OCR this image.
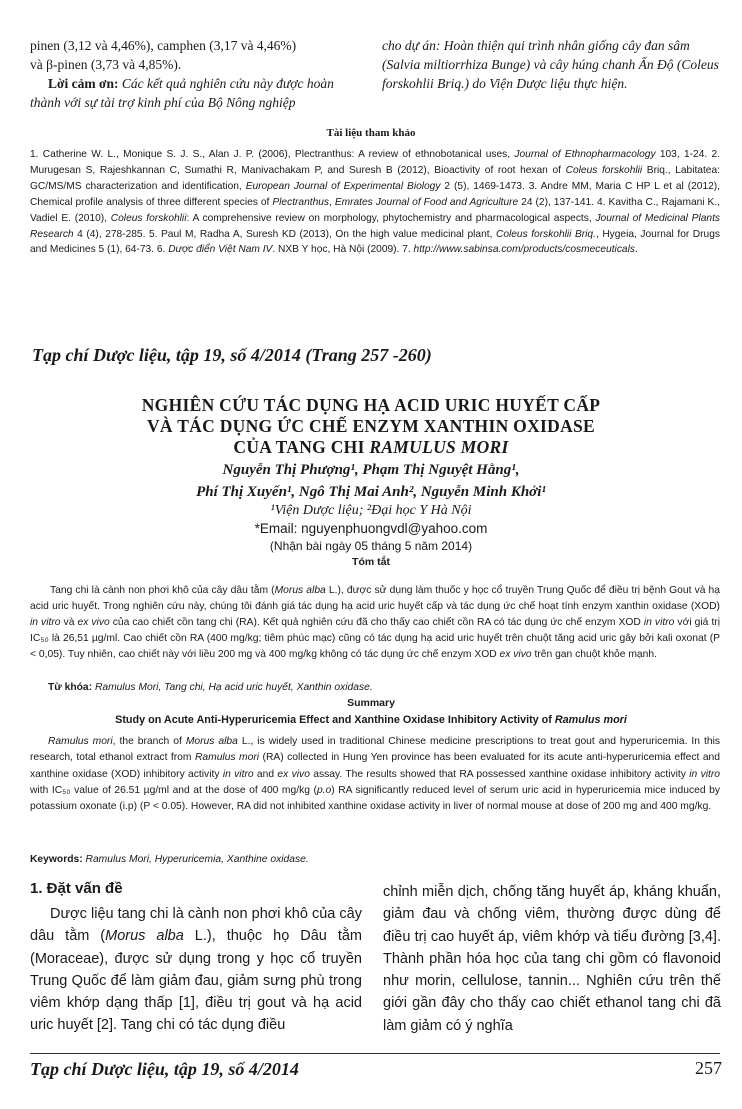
pinen (3,12 và 4,46%), camphen (3,17 và 4,46%)

và β-pinen (3,73 và 4,85%).

Lời cảm ơn: Các kết quả nghiên cứu này được hoàn thành với sự tài trợ kinh phí của Bộ Nông nghiệp

cho dự án: Hoàn thiện qui trình nhân giống cây đan sâm (Salvia miltiorrhiza Bunge) và cây húng chanh Ấn Độ (Coleus forskohlii Briq.) do Viện Dược liệu thực hiện.

Tài liệu tham khảo
1. Catherine W. L., Monique S. J. S., Alan J. P. (2006), Plectranthus: A review of ethnobotanical uses, Journal of Ethnopharmacology 103, 1-24. 2. Murugesan S, Rajeshkannan C, Sumathi R, Manivachakam P, and Suresh B (2012), Bioactivity of root hexan of Coleus forskohlii Briq., Labitatea: GC/MS/MS characterization and identification, European Journal of Experimental Biology 2 (5), 1469-1473. 3. Andre MM, Maria C HP L et al (2012), Chemical profile analysis of three different species of Plectranthus, Emrates Journal of Food and Agriculture 24 (2), 137-141. 4. Kavitha C., Rajamani K., Vadiel E. (2010), Coleus forskohlii: A comprehensive review on morphology, phytochemistry and pharmacological aspects, Journal of Medicinal Plants Research 4 (4), 278-285. 5. Paul M, Radha A, Suresh KD (2013), On the high value medicinal plant, Coleus forskohlii Briq., Hygeia, Journal for Drugs and Medicines 5 (1), 64-73. 6. Dược điển Việt Nam IV. NXB Y học, Hà Nội (2009). 7. http://www.sabinsa.com/products/cosmeceuticals.
Tạp chí Dược liệu, tập 19, số 4/2014 (Trang 257 -260)
NGHIÊN CỨU TÁC DỤNG HẠ ACID URIC HUYẾT CẤP
VÀ TÁC DỤNG ỨC CHẾ ENZYM XANTHIN OXIDASE
CỦA TANG CHI RAMULUS MORI
Nguyễn Thị Phượng¹, Phạm Thị Nguyệt Hằng¹,
Phí Thị Xuyến¹, Ngô Thị Mai Anh², Nguyễn Minh Khởi¹
¹Viện Dược liệu; ²Đại học Y Hà Nội
*Email: nguyenphuongvdl@yahoo.com
(Nhận bài ngày 05 tháng 5 năm 2014)
Tóm tắt
Tang chi là cành non phơi khô của cây dâu tằm (Morus alba L.), được sử dụng làm thuốc y học cổ truyền Trung Quốc để điều trị bệnh Gout và hạ acid uric huyết. Trong nghiên cứu này, chúng tôi đánh giá tác dụng hạ acid uric huyết cấp và tác dụng ức chế hoạt tính enzym xanthin oxidase (XOD) in vitro và ex vivo của cao chiết cồn tang chi (RA). Kết quả nghiên cứu đã cho thấy cao chiết cồn RA có tác dụng ức chế enzym XOD in vitro với giá trị IC₅₀ là 26,51 µg/ml. Cao chiết cồn RA (400 mg/kg; tiêm phúc mạc) cũng có tác dụng hạ acid uric huyết trên chuột tăng acid uric gây bởi kali oxonat (P < 0,05). Tuy nhiên, cao chiết này với liều 200 mg và 400 mg/kg không có tác dụng ức chế enzym XOD ex vivo trên gan chuột khỏe mạnh.
Từ khóa: Ramulus Mori, Tang chi, Hạ acid uric huyết, Xanthin oxidase.
Summary
Study on Acute Anti-Hyperuricemia Effect and Xanthine Oxidase Inhibitory Activity of Ramulus mori
Ramulus mori, the branch of Morus alba L., is widely used in traditional Chinese medicine prescriptions to treat gout and hyperuricemia. In this research, total ethanol extract from Ramulus mori (RA) collected in Hung Yen province has been evaluated for its acute anti-hyperuricemia effect and xanthine oxidase (XOD) inhibitory activity in vitro and ex vivo assay. The results showed that RA possessed xanthine oxidase inhibitory activity in vitro with IC₅₀ value of 26.51 µg/ml and at the dose of 400 mg/kg (p.o) RA significantly reduced level of serum uric acid in hyperuricemia mice induced by potassium oxonate (i.p) (P < 0.05). However, RA did not inhibited xanthine oxidase activity in liver of normal mouse at dose of 200 mg and 400 mg/kg.
Keywords: Ramulus Mori, Hyperuricemia, Xanthine oxidase.
1. Đặt vấn đề
Dược liệu tang chi là cành non phơi khô của cây dâu tằm (Morus alba L.), thuộc họ Dâu tằm (Moraceae), được sử dụng trong y học cổ truyền Trung Quốc để làm giảm đau, giảm sưng phù trong viêm khớp dạng thấp [1], điều trị gout và hạ acid uric huyết [2]. Tang chi có tác dụng điều
chỉnh miễn dịch, chống tăng huyết áp, kháng khuẩn, giảm đau và chống viêm, thường được dùng để điều trị cao huyết áp, viêm khớp và tiểu đường [3,4]. Thành phần hóa học của tang chi gồm có flavonoid như morin, cellulose, tannin... Nghiên cứu trên thế giới gần đây cho thấy cao chiết ethanol tang chi đã làm giảm có ý nghĩa
Tạp chí Dược liệu, tập 19, số 4/2014	257
